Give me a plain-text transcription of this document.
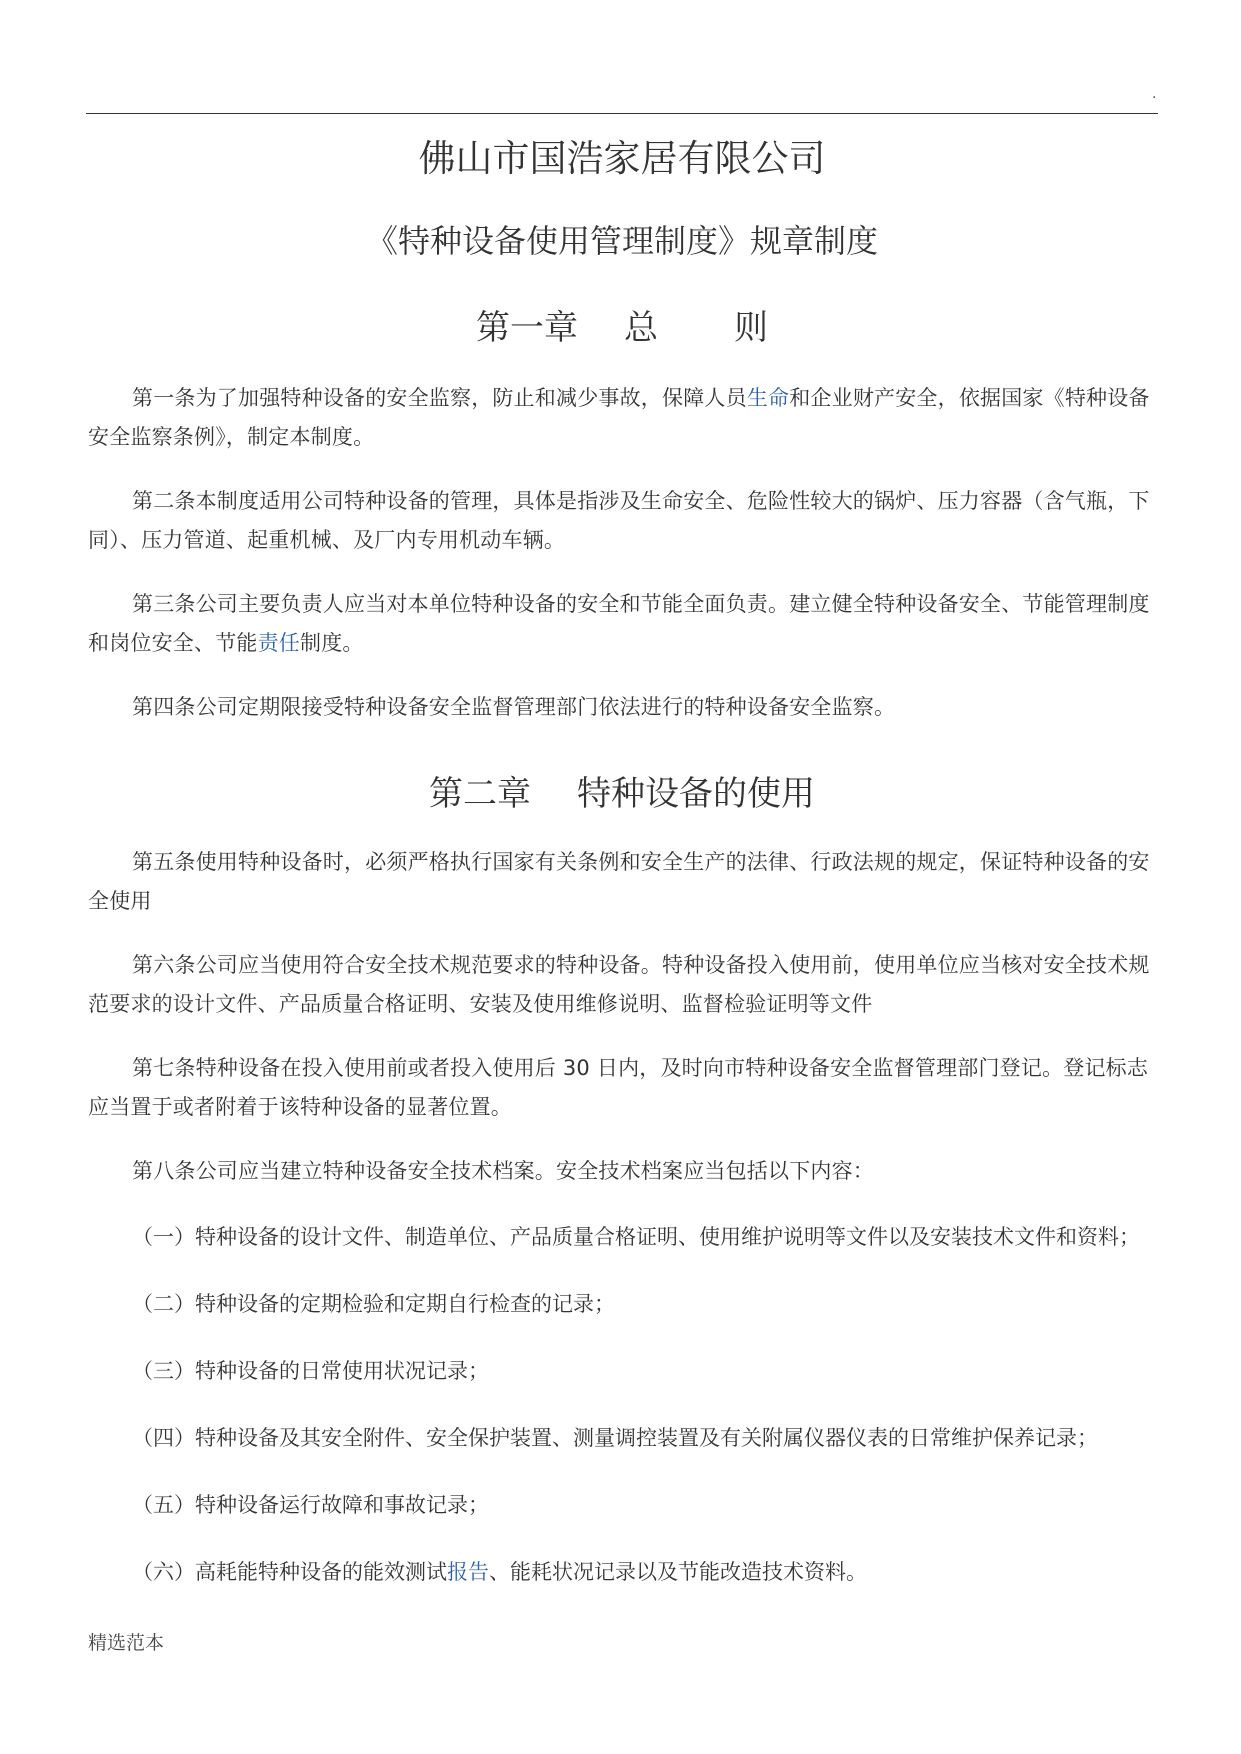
.
佛山市国浩家居有限公司
《特种设备使用管理制度》规章制度
第一章 总 则

第一条为了加强特种设备的安全监察，防止和减少事故，保障人员生命和企业财产安全，依据国家《特种设备安全监察条例》，制定本制度。

第二条本制度适用公司特种设备的管理，具体是指涉及生命安全、危险性较大的锅炉、压力容器（含气瓶，下同）、压力管道、起重机械、及厂内专用机动车辆。

第三条公司主要负责人应当对本单位特种设备的安全和节能全面负责。建立健全特种设备安全、节能管理制度和岗位安全、节能责任制度。

第四条公司定期限接受特种设备安全监督管理部门依法进行的特种设备安全监察。

第二章 特种设备的使用

第五条使用特种设备时，必须严格执行国家有关条例和安全生产的法律、行政法规的规定，保证特种设备的安全使用

第六条公司应当使用符合安全技术规范要求的特种设备。特种设备投入使用前，使用单位应当核对安全技术规范要求的设计文件、产品质量合格证明、安装及使用维修说明、监督检验证明等文件

第七条特种设备在投入使用前或者投入使用后 30 日内，及时向市特种设备安全监督管理部门登记。登记标志应当置于或者附着于该特种设备的显著位置。

第八条公司应当建立特种设备安全技术档案。安全技术档案应当包括以下内容：

（一）特种设备的设计文件、制造单位、产品质量合格证明、使用维护说明等文件以及安装技术文件和资料；

（二）特种设备的定期检验和定期自行检查的记录；

（三）特种设备的日常使用状况记录；

（四）特种设备及其安全附件、安全保护装置、测量调控装置及有关附属仪器仪表的日常维护保养记录；

（五）特种设备运行故障和事故记录；

（六）高耗能特种设备的能效测试报告、能耗状况记录以及节能改造技术资料。

精选范本
